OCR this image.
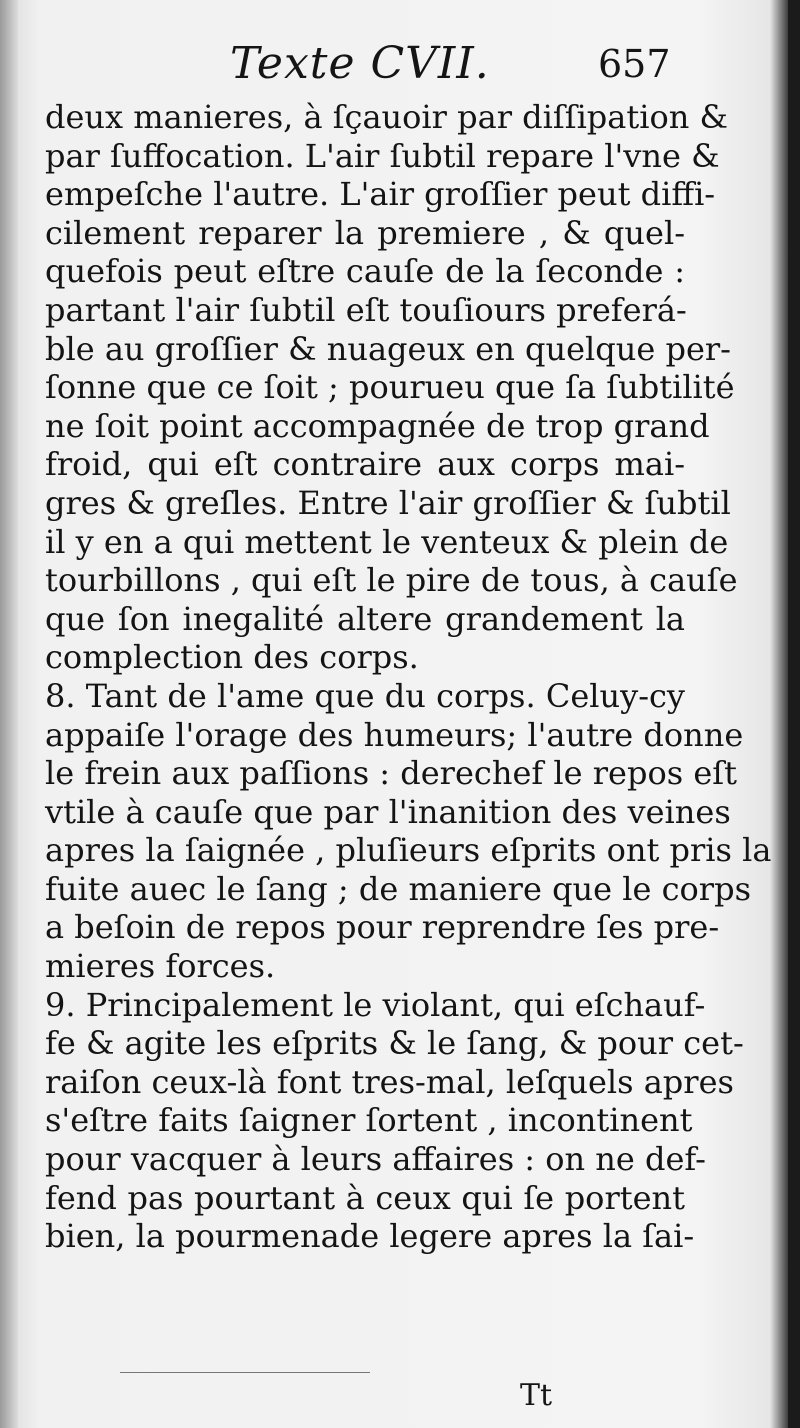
Texte CVII.	657
deux manieres, à ſçauoir par diſſipation &
par ſuffocation. L'air ſubtil repare l'vne &
empeſche l'autre. L'air groſſier peut diffi-
cilement reparer la premiere , & quel-
quefois peut eſtre cauſe de la ſeconde :
partant l'air ſubtil eſt touſiours preferá-
ble au groſſier & nuageux en quelque per-
ſonne que ce ſoit ; pourueu que ſa ſubtilité
ne ſoit point accompagnée de trop grand
froid, qui eſt contraire aux corps mai-
gres & greſles. Entre l'air groſſier & ſubtil
il y en a qui mettent le venteux & plein de
tourbillons , qui eſt le pire de tous, à cauſe
que ſon inegalité altere grandement la
complection des corps.
8. Tant de l'ame que du corps. Celuy-cy
appaiſe l'orage des humeurs; l'autre donne
le frein aux paſſions : derechef le repos eſt
vtile à cauſe que par l'inanition des veines
apres la ſaignée , pluſieurs eſprits ont pris la
fuite auec le ſang ; de maniere que le corps
a beſoin de repos pour reprendre ſes pre-
mieres forces.
9. Principalement le violant, qui eſchauf-
fe & agite les eſprits & le ſang, & pour cet-
raiſon ceux-là font tres-mal, leſquels apres
s'eſtre faits ſaigner ſortent , incontinent
pour vacquer à leurs affaires : on ne def-
fend pas pourtant à ceux qui ſe portent
bien, la pourmenade legere apres la ſai-
Tt
